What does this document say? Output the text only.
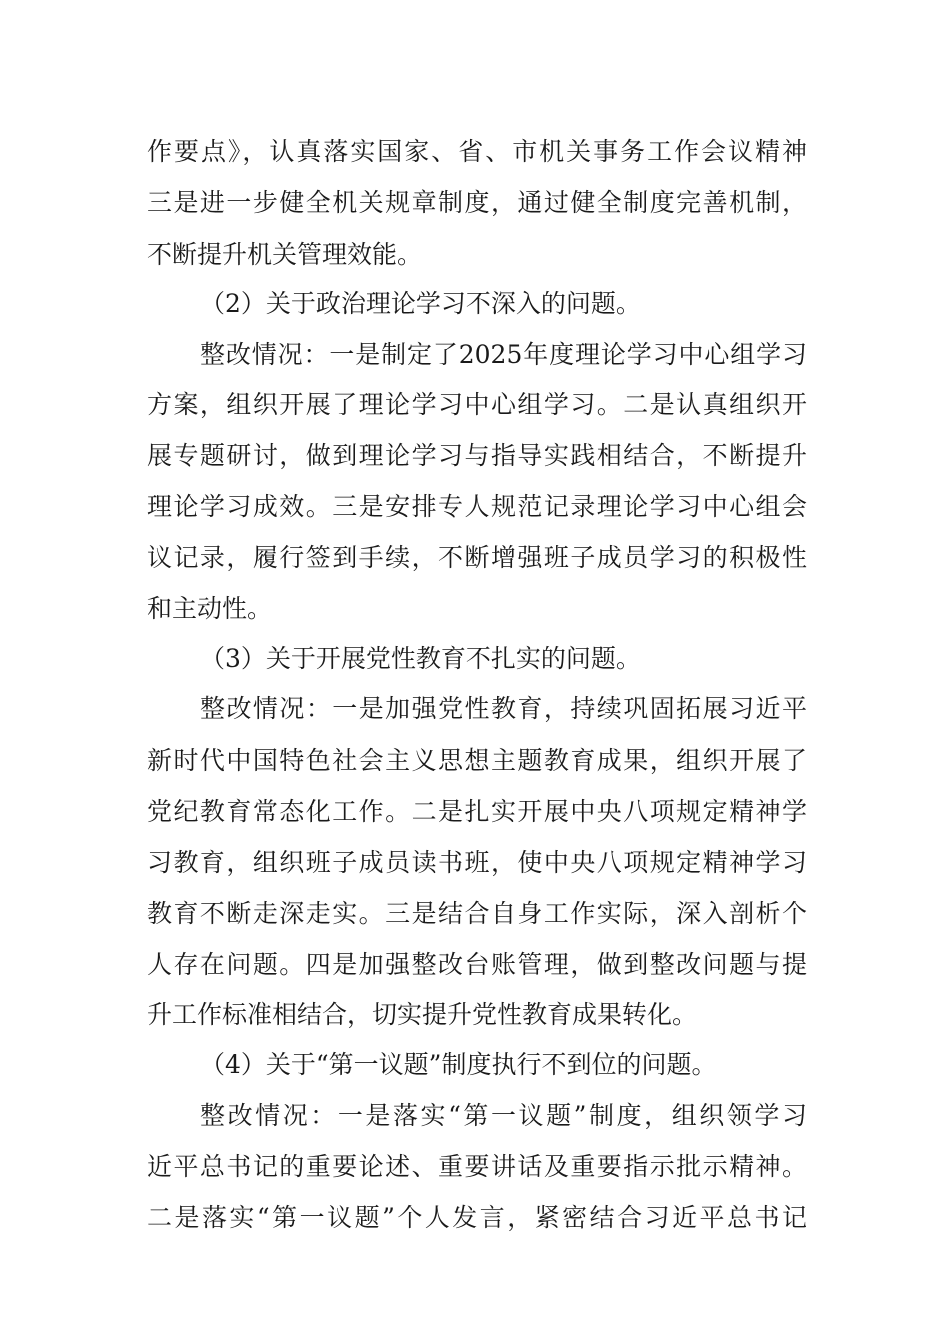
作要点》，认真落实国家、省、市机关事务工作会议精神
三是进一步健全机关规章制度，通过健全制度完善机制，
不断提升机关管理效能。
（2）关于政治理论学习不深入的问题。
整改情况：一是制定了2025年度理论学习中心组学习
方案，组织开展了理论学习中心组学习。二是认真组织开
展专题研讨，做到理论学习与指导实践相结合，不断提升
理论学习成效。三是安排专人规范记录理论学习中心组会
议记录，履行签到手续，不断增强班子成员学习的积极性
和主动性。
（3）关于开展党性教育不扎实的问题。
整改情况：一是加强党性教育，持续巩固拓展习近平
新时代中国特色社会主义思想主题教育成果，组织开展了
党纪教育常态化工作。二是扎实开展中央八项规定精神学
习教育，组织班子成员读书班，使中央八项规定精神学习
教育不断走深走实。三是结合自身工作实际，深入剖析个
人存在问题。四是加强整改台账管理，做到整改问题与提
升工作标准相结合，切实提升党性教育成果转化。
（4）关于“第一议题”制度执行不到位的问题。
整改情况：一是落实“第一议题”制度，组织领学习
近平总书记的重要论述、重要讲话及重要指示批示精神。
二是落实“第一议题”个人发言，紧密结合习近平总书记
